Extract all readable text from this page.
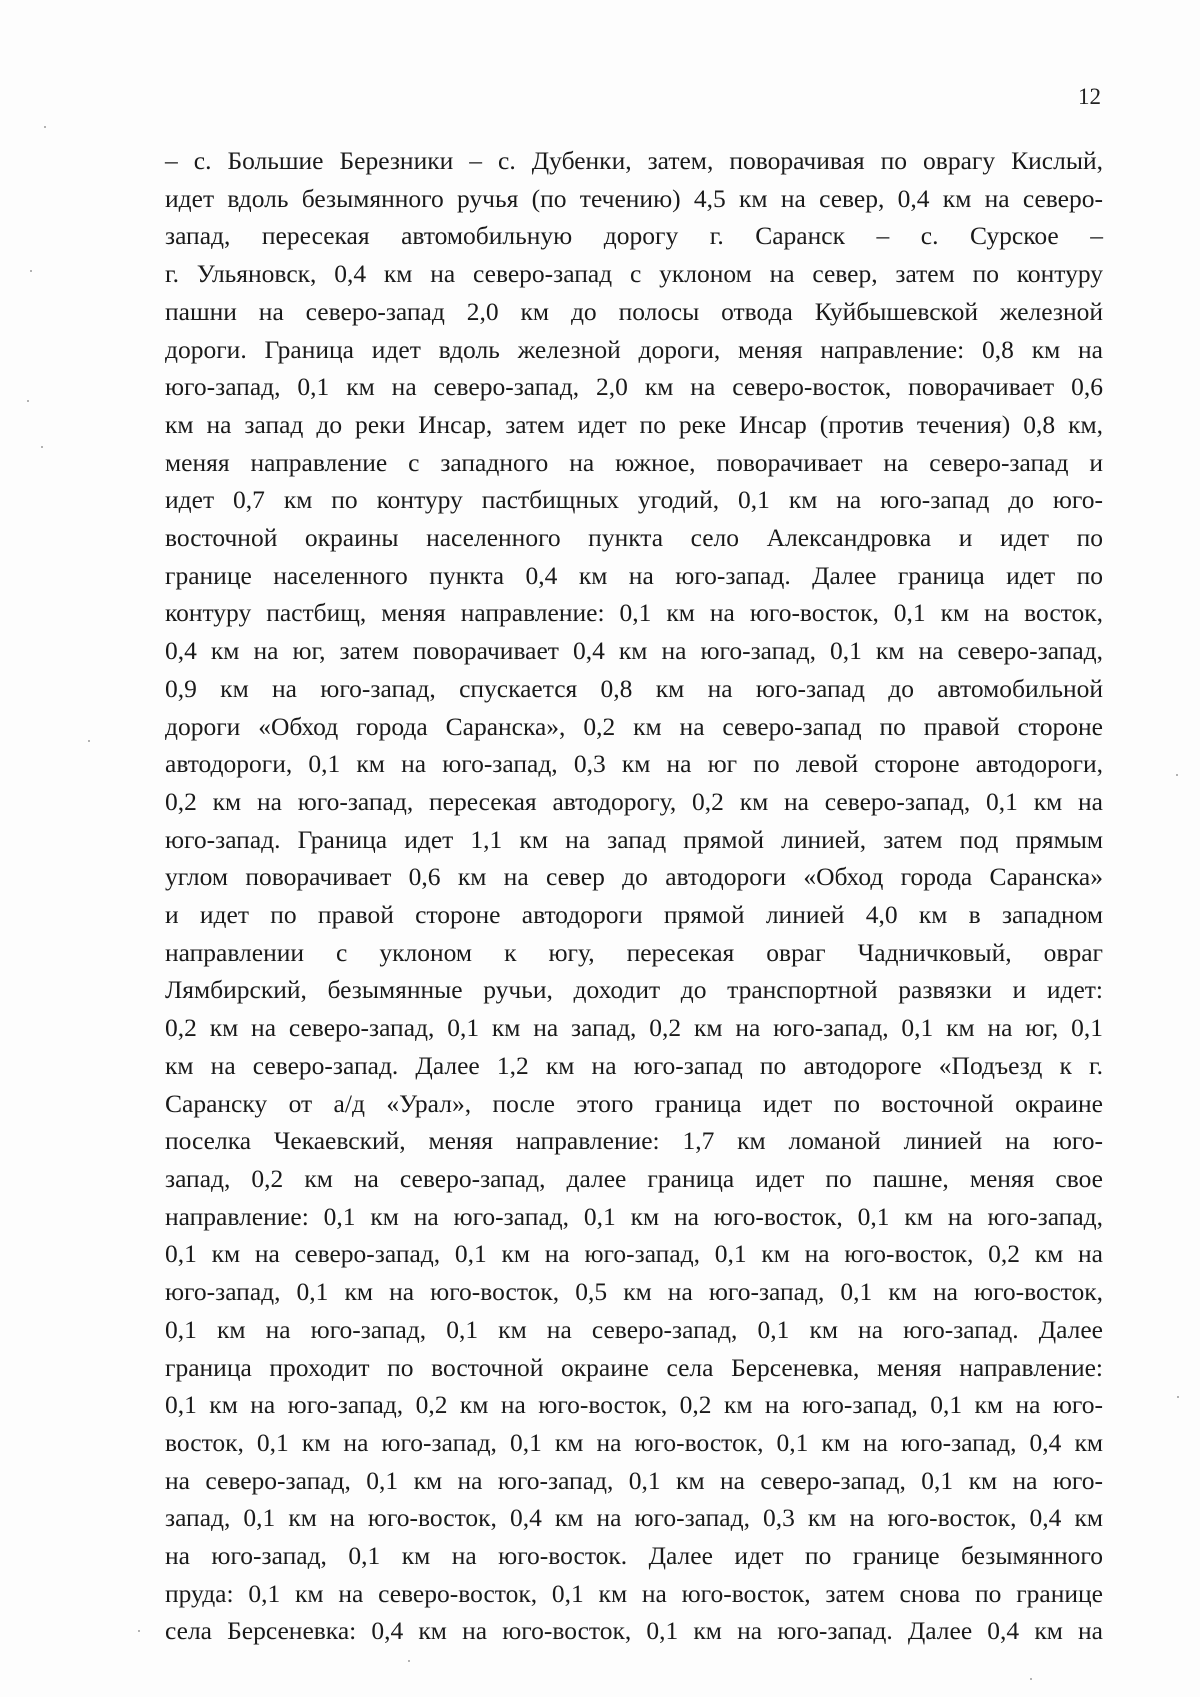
12
– с. Большие Березники – с. Дубенки, затем, поворачивая по оврагу Кислый,
идет вдоль безымянного ручья (по течению) 4,5 км на север, 0,4 км на северо-
запад, пересекая автомобильную дорогу г. Саранск – с. Сурское –
г. Ульяновск, 0,4 км на северо-запад с уклоном на север, затем по контуру
пашни на северо-запад 2,0 км до полосы отвода Куйбышевской железной
дороги. Граница идет вдоль железной дороги, меняя направление: 0,8 км на
юго-запад, 0,1 км на северо-запад, 2,0 км на северо-восток, поворачивает 0,6
км на запад до реки Инсар, затем идет по реке Инсар (против течения) 0,8 км,
меняя направление с западного на южное, поворачивает на северо-запад и
идет 0,7 км по контуру пастбищных угодий, 0,1 км на юго-запад до юго-
восточной окраины населенного пункта село Александровка и идет по
границе населенного пункта 0,4 км на юго-запад. Далее граница идет по
контуру пастбищ, меняя направление: 0,1 км на юго-восток, 0,1 км на восток,
0,4 км на юг, затем поворачивает 0,4 км на юго-запад, 0,1 км на северо-запад,
0,9 км на юго-запад, спускается 0,8 км на юго-запад до автомобильной
дороги «Обход города Саранска», 0,2 км на северо-запад по правой стороне
автодороги, 0,1 км на юго-запад, 0,3 км на юг по левой стороне автодороги,
0,2 км на юго-запад, пересекая автодорогу, 0,2 км на северо-запад, 0,1 км на
юго-запад. Граница идет 1,1 км на запад прямой линией, затем под прямым
углом поворачивает 0,6 км на север до автодороги «Обход города Саранска»
и идет по правой стороне автодороги прямой линией 4,0 км в западном
направлении с уклоном к югу, пересекая овраг Чадничковый, овраг
Лямбирский, безымянные ручьи, доходит до транспортной развязки и идет:
0,2 км на северо-запад, 0,1 км на запад, 0,2 км на юго-запад, 0,1 км на юг, 0,1
км на северо-запад. Далее 1,2 км на юго-запад по автодороге «Подъезд к г.
Саранску от а/д «Урал», после этого граница идет по восточной окраине
поселка Чекаевский, меняя направление: 1,7 км ломаной линией на юго-
запад, 0,2 км на северо-запад, далее граница идет по пашне, меняя свое
направление: 0,1 км на юго-запад, 0,1 км на юго-восток, 0,1 км на юго-запад,
0,1 км на северо-запад, 0,1 км на юго-запад, 0,1 км на юго-восток, 0,2 км на
юго-запад, 0,1 км на юго-восток, 0,5 км на юго-запад, 0,1 км на юго-восток,
0,1 км на юго-запад, 0,1 км на северо-запад, 0,1 км на юго-запад. Далее
граница проходит по восточной окраине села Берсеневка, меняя направление:
0,1 км на юго-запад, 0,2 км на юго-восток, 0,2 км на юго-запад, 0,1 км на юго-
восток, 0,1 км на юго-запад, 0,1 км на юго-восток, 0,1 км на юго-запад, 0,4 км
на северо-запад, 0,1 км на юго-запад, 0,1 км на северо-запад, 0,1 км на юго-
запад, 0,1 км на юго-восток, 0,4 км на юго-запад, 0,3 км на юго-восток, 0,4 км
на юго-запад, 0,1 км на юго-восток. Далее идет по границе безымянного
пруда: 0,1 км на северо-восток, 0,1 км на юго-восток, затем снова по границе
села Берсеневка: 0,4 км на юго-восток, 0,1 км на юго-запад. Далее 0,4 км на
